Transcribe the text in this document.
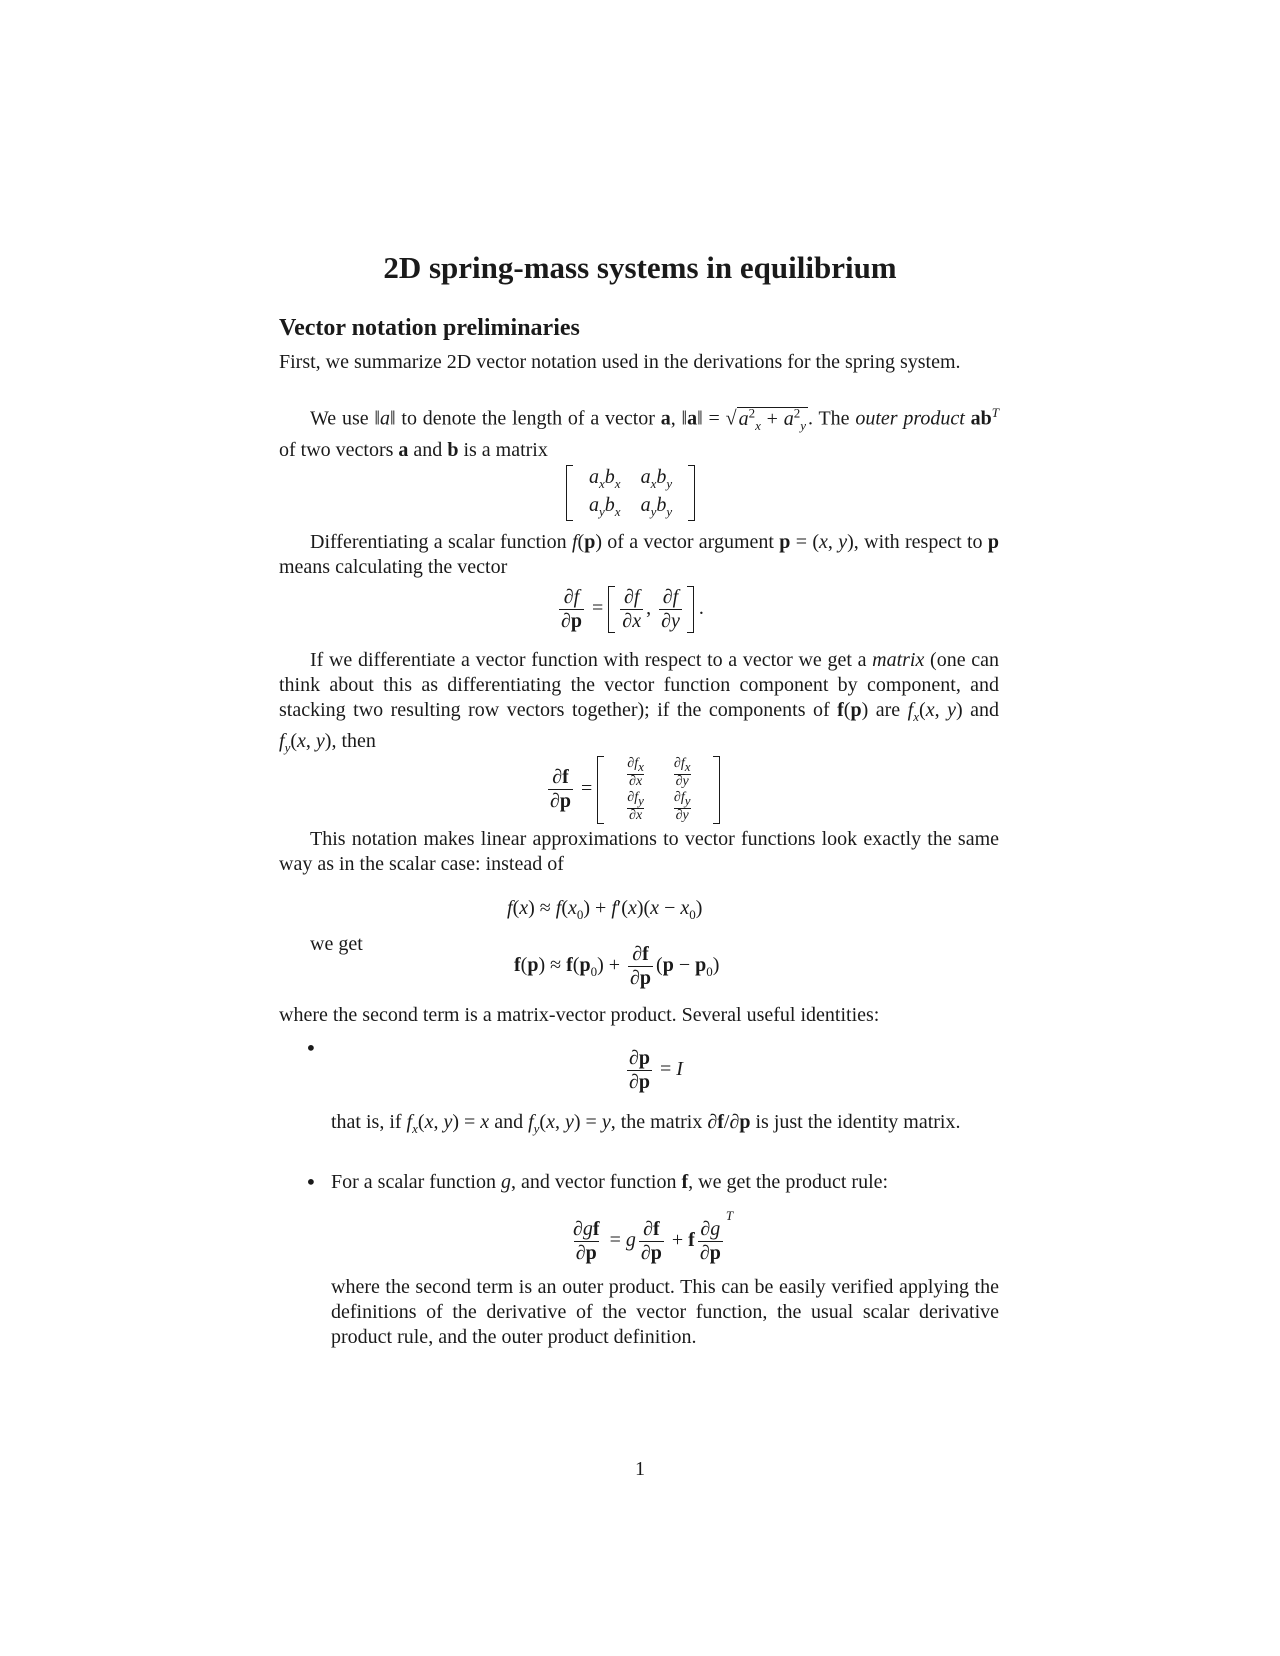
2D spring-mass systems in equilibrium
Vector notation preliminaries
First, we summarize 2D vector notation used in the derivations for the spring system.
We use ‖a‖ to denote the length of a vector a, ‖a‖ = √ $a^2_x + a^2_y$ . The outer product $ab^T$ of two vectors a and b is a matrix
$a_xb_x$	$a_xb_y$
$a_yb_x$	$a_yb_y$
Differentiating a scalar function f(p) of a vector argument p = (x, y), with respect to p means calculating the vector
$\frac{\partial f}{\partial p} = \frac{\partial f}{\partial x}$ , $\frac{\partial f}{\partial y}$ .
If we differentiate a vector function with respect to a vector we get a matrix (one can think about this as differentiating the vector function component by component, and stacking two resulting row vectors together); if the components of f(p) are $f_x(x$, y) and $f_y(x$, y), then
$\frac{\partial f}{\partial p} = \frac{\partial f_x}{\partial x}$	$\frac{\partial f_x}{\partial y}$

$\frac{\partial f_y}{\partial x}$	$\frac{\partial f_y}{\partial y}$
This notation makes linear approximations to vector functions look exactly the same way as in the scalar case: instead of
$f(x) \approx f(x_0) + f'(x)(x - x_0)$
we get
$f(p) \approx f(p_0) + \frac{\partial f}{\partial p} (p - p_0)$
where the second term is a matrix-vector product. Several useful identities:
•	$\frac{\partial p}{\partial p} = I$
that is, if $f_x(x$, y) = x and $f_y(x$, y) = y, the matrix ∂f/∂p is just the identity matrix.
• For a scalar function g, and vector function f, we get the product rule:
$\frac{\partial gf}{\partial p} = g \frac{\partial f}{\partial p} + f \frac{\partial g}{\partial p}$
$^T$
where the second term is an outer product. This can be easily verified applying the definitions of the derivative of the vector function, the usual scalar derivative product rule, and the outer product definition.
1
